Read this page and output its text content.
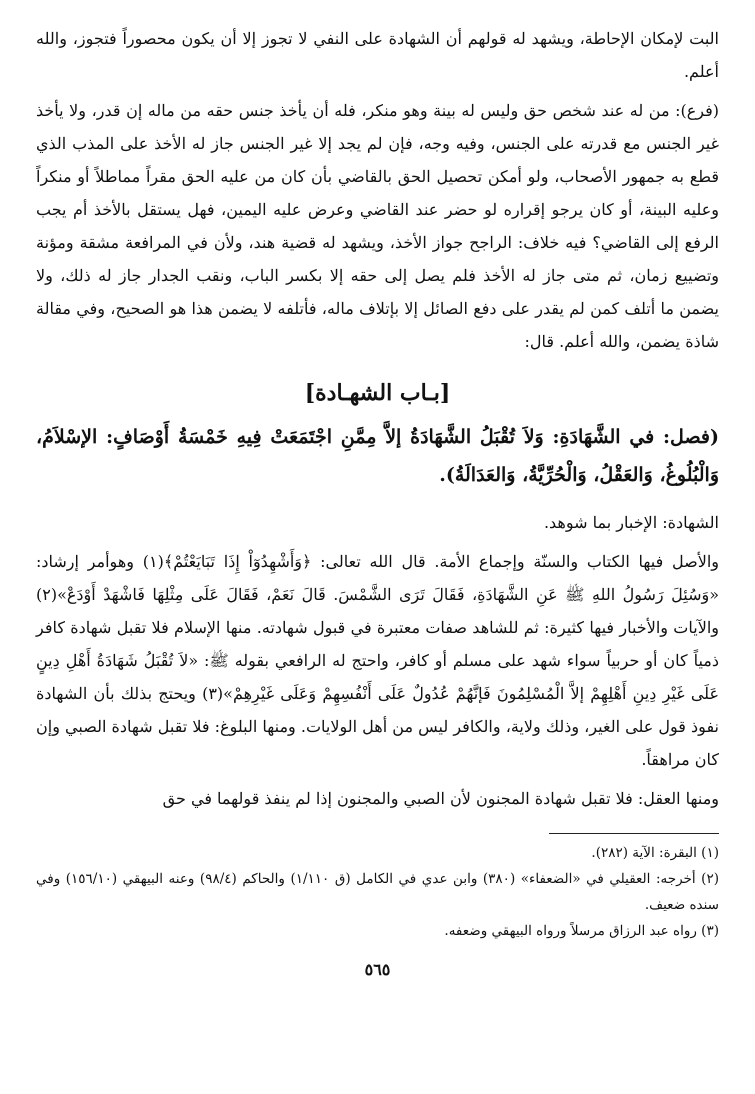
البت لإمكان الإحاطة، ويشهد له قولهم أن الشهادة على النفي لا تجوز إلا أن يكون محصوراً فتجوز، والله أعلم.

(فرع): من له عند شخص حق وليس له بينة وهو منكر، فله أن يأخذ جنس حقه من ماله إن قدر، ولا يأخذ غير الجنس مع قدرته على الجنس، وفيه وجه، فإن لم يجد إلا غير الجنس جاز له الأخذ على المذب الذي قطع به جمهور الأصحاب، ولو أمكن تحصيل الحق بالقاضي بأن كان من عليه الحق مقراً مماطلاً أو منكراً وعليه البينة، أو كان يرجو إقراره لو حضر عند القاضي وعرض عليه اليمين، فهل يستقل بالأخذ أم يجب الرفع إلى القاضي؟ فيه خلاف: الراجح جواز الأخذ، ويشهد له قضية هند، ولأن في المرافعة مشقة ومؤنة وتضييع زمان، ثم متى جاز له الأخذ فلم يصل إلى حقه إلا بكسر الباب، ونقب الجدار جاز له ذلك، ولا يضمن ما أتلف كمن لم يقدر على دفع الصائل إلا بإتلاف ماله، فأتلفه لا يضمن هذا هو الصحيح، وفي مقالة شاذة يضمن، والله أعلم. قال:

[بـاب الشهـادة]

(فصل: في الشَّهَادَةِ: وَلاَ تُقْبَلُ الشَّهَادَةُ إلاَّ مِمَّنِ اجْتَمَعَتْ فِيهِ خَمْسَةُ أَوْصَافٍ: الإسْلاَمُ، وَالْبُلُوغُ، وَالعَقْلُ، وَالْحُرِّيَّةُ، وَالعَدَالَةُ).

الشهادة: الإخبار بما شوهد.

والأصل فيها الكتاب والسنّة وإجماع الأمة. قال الله تعالى: ﴿وَأَشْهِدُوٓاْ إِذَا تَبَايَعْتُمْ﴾(١) وهوأمر إرشاد: «وَسُئِلَ رَسُولُ اللهِ ﷺ عَنِ الشَّهَادَةِ، فَقَالَ تَرَى الشَّمْسَ. قَالَ نَعَمْ، فَقَالَ عَلَى مِثْلِهَا فَاشْهَدْ أَوْدَعْ»(٢) والآيات والأخبار فيها كثيرة: ثم للشاهد صفات معتبرة في قبول شهادته. منها الإسلام فلا تقبل شهادة كافر ذمياً كان أو حربياً سواء شهد على مسلم أو كافر، واحتج له الرافعي بقوله ﷺ: «لاَ تُقْبَلُ شَهَادَةُ أَهْلِ دِينٍ عَلَى غَيْرِ دِينِ أَهْلِهِمْ إلاَّ الْمُسْلِمُونَ فَإنَّهُمْ عُدُولٌ عَلَى أَنْفُسِهِمْ وَعَلَى غَيْرِهِمْ»(٣) ويحتج بذلك بأن الشهادة نفوذ قول على الغير، وذلك ولاية، والكافر ليس من أهل الولايات. ومنها البلوغ: فلا تقبل شهادة الصبي وإن كان مراهقاً.

ومنها العقل: فلا تقبل شهادة المجنون لأن الصبي والمجنون إذا لم ينفذ قولهما في حق

(١) البقرة: الآية (٢٨٢).

(٢) أخرجه: العقيلي في «الضعفاء» (٣٨٠) وابن عدي في الكامل (ق ١/١١٠) والحاكم (٩٨/٤) وعنه البيهقي (١٥٦/١٠) وفي سنده ضعيف.

(٣) رواه عبد الرزاق مرسلاً ورواه البيهقي وضعفه.

٥٦٥
